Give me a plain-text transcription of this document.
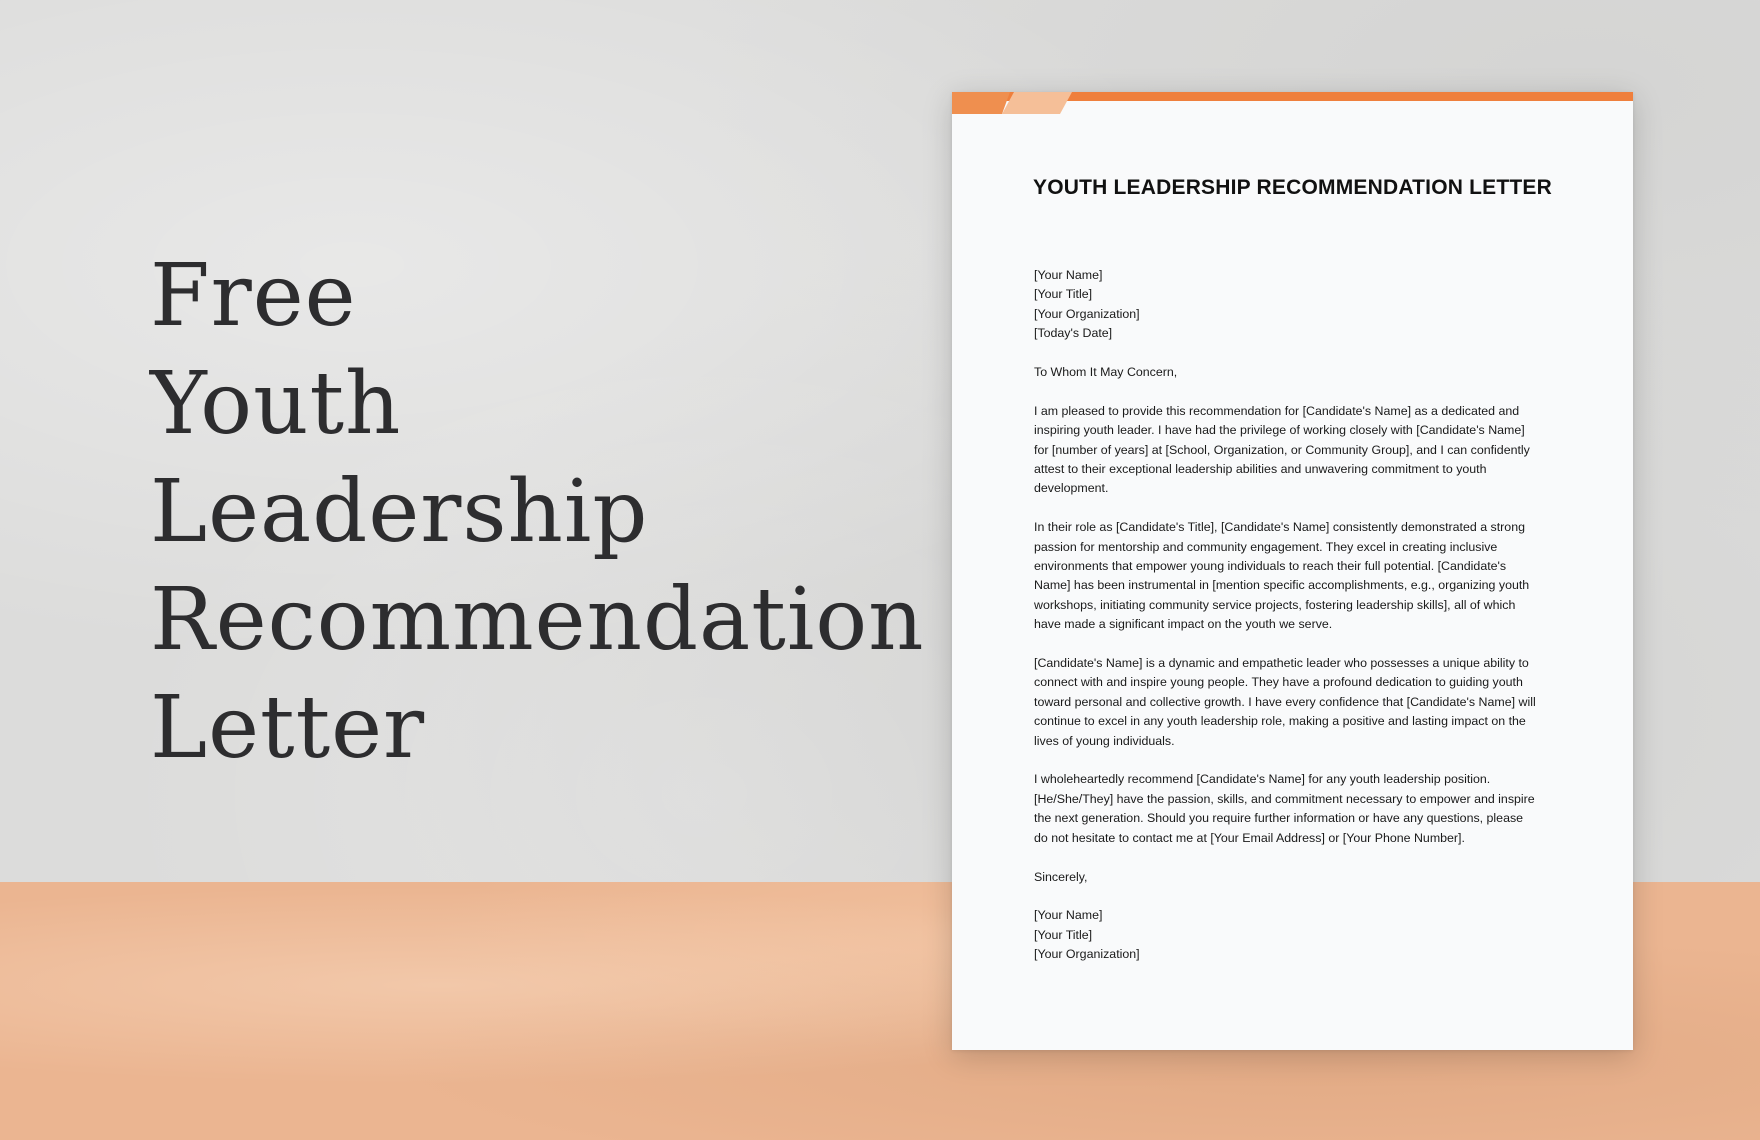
Free
Youth
Leadership
Recommendation
Letter
YOUTH LEADERSHIP RECOMMENDATION LETTER

[Your Name]
[Your Title]
[Your Organization]
[Today's Date]

To Whom It May Concern,

I am pleased to provide this recommendation for [Candidate's Name] as a dedicated and
inspiring youth leader. I have had the privilege of working closely with [Candidate's Name]
for [number of years] at [School, Organization, or Community Group], and I can confidently
attest to their exceptional leadership abilities and unwavering commitment to youth
development.

In their role as [Candidate's Title], [Candidate's Name] consistently demonstrated a strong
passion for mentorship and community engagement. They excel in creating inclusive
environments that empower young individuals to reach their full potential. [Candidate's
Name] has been instrumental in [mention specific accomplishments, e.g., organizing youth
workshops, initiating community service projects, fostering leadership skills], all of which
have made a significant impact on the youth we serve.

[Candidate's Name] is a dynamic and empathetic leader who possesses a unique ability to
connect with and inspire young people. They have a profound dedication to guiding youth
toward personal and collective growth. I have every confidence that [Candidate's Name] will
continue to excel in any youth leadership role, making a positive and lasting impact on the
lives of young individuals.

I wholeheartedly recommend [Candidate's Name] for any youth leadership position.
[He/She/They] have the passion, skills, and commitment necessary to empower and inspire
the next generation. Should you require further information or have any questions, please
do not hesitate to contact me at [Your Email Address] or [Your Phone Number].

Sincerely,

[Your Name]
[Your Title]
[Your Organization]
